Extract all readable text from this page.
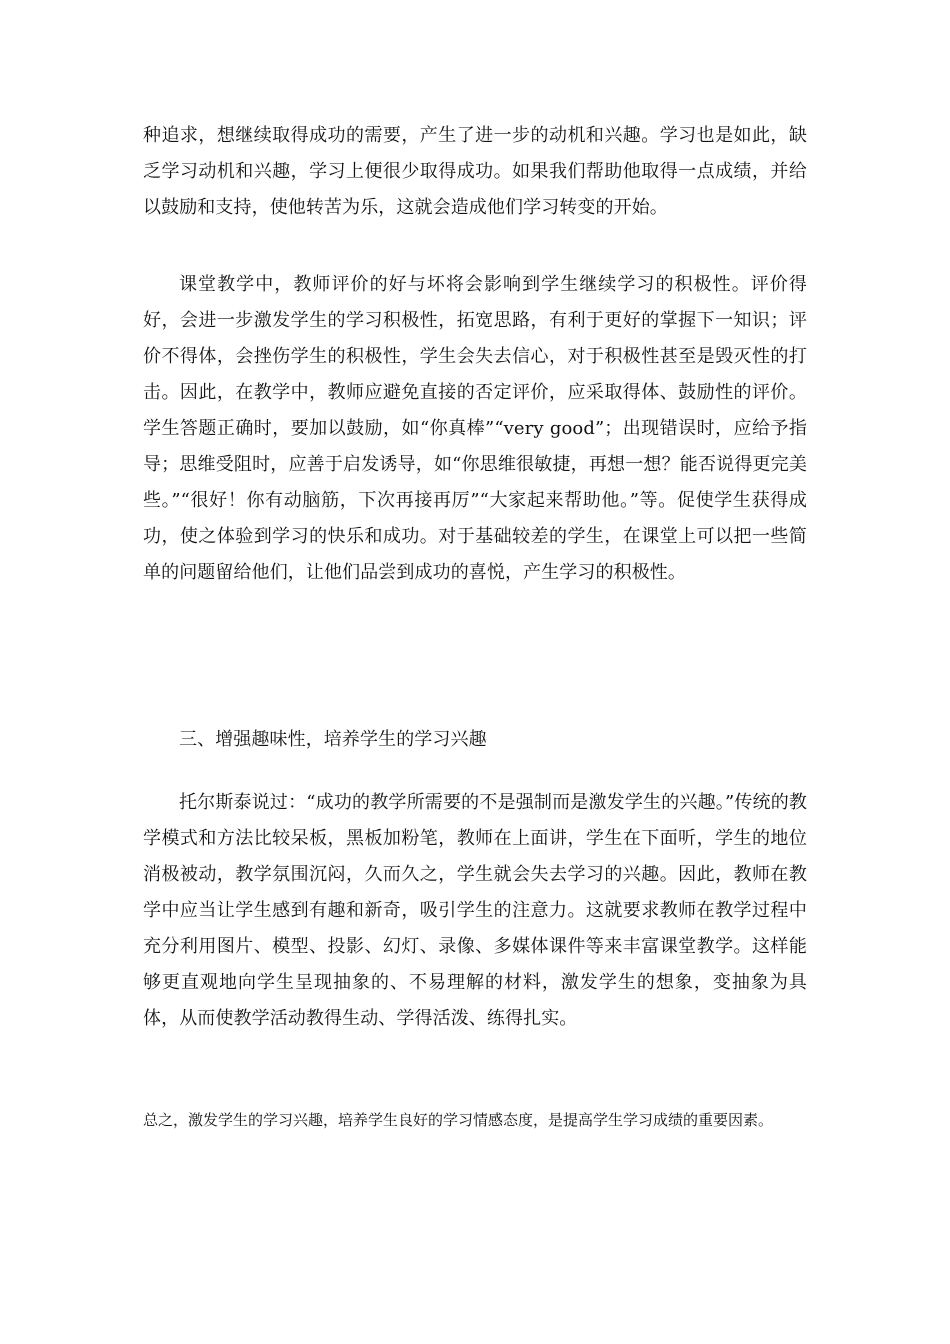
种追求，想继续取得成功的需要，产生了进一步的动机和兴趣。学习也是如此，缺乏学习动机和兴趣，学习上便很少取得成功。如果我们帮助他取得一点成绩，并给以鼓励和支持，使他转苦为乐，这就会造成他们学习转变的开始。

课堂教学中，教师评价的好与坏将会影响到学生继续学习的积极性。评价得好，会进一步激发学生的学习积极性，拓宽思路，有利于更好的掌握下一知识；评价不得体，会挫伤学生的积极性，学生会失去信心，对于积极性甚至是毁灭性的打击。因此，在教学中，教师应避免直接的否定评价，应采取得体、鼓励性的评价。学生答题正确时，要加以鼓励，如“你真棒”“very good”；出现错误时，应给予指导；思维受阻时，应善于启发诱导，如“你思维很敏捷，再想一想？能否说得更完美些。”“很好！你有动脑筋，下次再接再厉”“大家起来帮助他。”等。促使学生获得成功，使之体验到学习的快乐和成功。对于基础较差的学生，在课堂上可以把一些简单的问题留给他们，让他们品尝到成功的喜悦，产生学习的积极性。

三、增强趣味性，培养学生的学习兴趣

托尔斯泰说过：“成功的教学所需要的不是强制而是激发学生的兴趣。”传统的教学模式和方法比较呆板，黑板加粉笔，教师在上面讲，学生在下面听，学生的地位消极被动，教学氛围沉闷，久而久之，学生就会失去学习的兴趣。因此，教师在教学中应当让学生感到有趣和新奇，吸引学生的注意力。这就要求教师在教学过程中充分利用图片、模型、投影、幻灯、录像、多媒体课件等来丰富课堂教学。这样能够更直观地向学生呈现抽象的、不易理解的材料，激发学生的想象，变抽象为具体，从而使教学活动教得生动、学得活泼、练得扎实。

总之，激发学生的学习兴趣，培养学生良好的学习情感态度，是提高学生学习成绩的重要因素。
